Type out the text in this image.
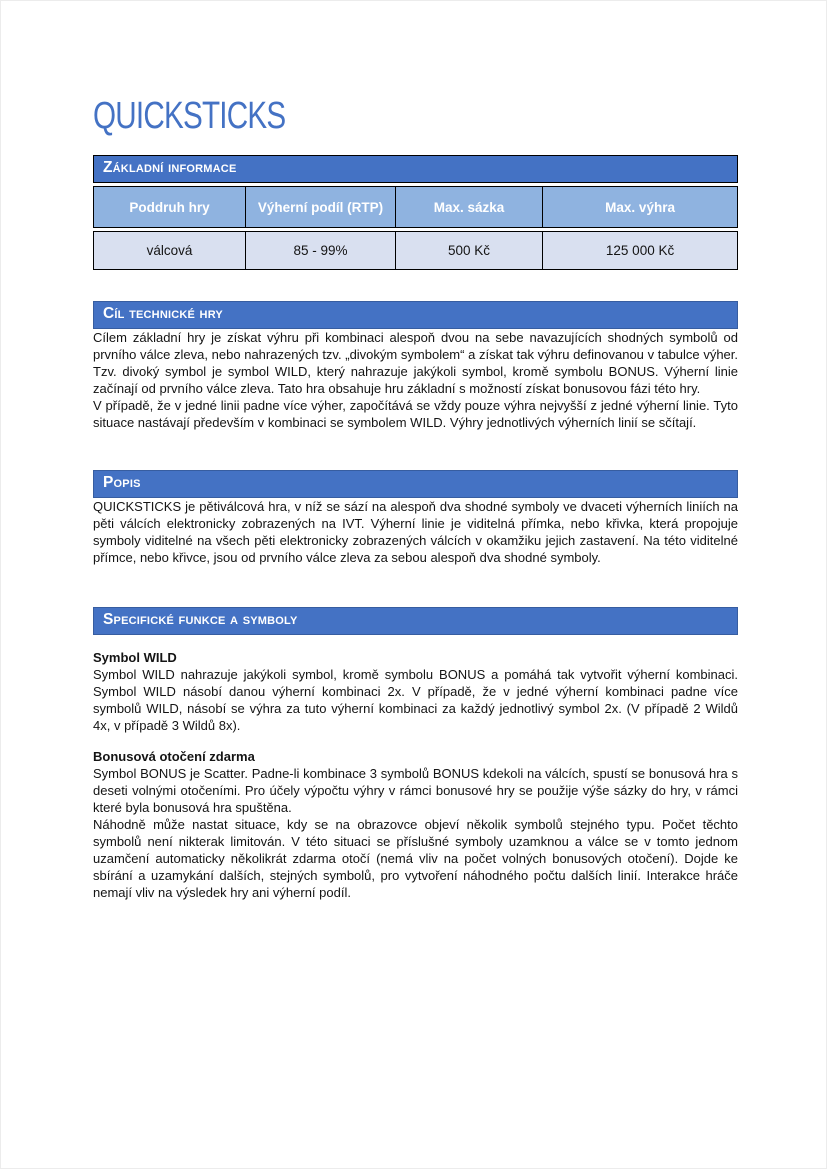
QUICKSTICKS
Základní informace
Poddruh hry	Výherní podíl (RTP)	Max. sázka	Max. výhra
válcová	85 - 99%	500 Kč	125 000 Kč
Cíl technické hry

Cílem základní hry je získat výhru při kombinaci alespoň dvou na sebe navazujících shodných symbolů od prvního válce zleva, nebo nahrazených tzv. „divokým symbolem“ a získat tak výhru definovanou v tabulce výher. Tzv. divoký symbol je symbol WILD, který nahrazuje jakýkoli symbol, kromě symbolu BONUS. Výherní linie začínají od prvního válce zleva. Tato hra obsahuje hru základní s možností získat bonusovou fázi této hry.

V případě, že v jedné linii padne více výher, započítává se vždy pouze výhra nejvyšší z jedné výherní linie. Tyto situace nastávají především v kombinaci se symbolem WILD. Výhry jednotlivých výherních linií se sčítají.

Popis

QUICKSTICKS je pětiválcová hra, v níž se sází na alespoň dva shodné symboly ve dvaceti výherních liniích na pěti válcích elektronicky zobrazených na IVT. Výherní linie je viditelná přímka, nebo křivka, která propojuje symboly viditelné na všech pěti elektronicky zobrazených válcích v okamžiku jejich zastavení. Na této viditelné přímce, nebo křivce, jsou od prvního válce zleva za sebou alespoň dva shodné symboly.

Specifické funkce a symboly
Symbol WILD

Symbol WILD nahrazuje jakýkoli symbol, kromě symbolu BONUS a pomáhá tak vytvořit výherní kombinaci. Symbol WILD násobí danou výherní kombinaci 2x. V případě, že v jedné výherní kombinaci padne více symbolů WILD, násobí se výhra za tuto výherní kombinaci za každý jednotlivý symbol 2x. (V případě 2 Wildů 4x, v případě 3 Wildů 8x).

Bonusová otočení zdarma

Symbol BONUS je Scatter. Padne-li kombinace 3 symbolů BONUS kdekoli na válcích, spustí se bonusová hra s deseti volnými otočeními. Pro účely výpočtu výhry v rámci bonusové hry se použije výše sázky do hry, v rámci které byla bonusová hra spuštěna.

Náhodně může nastat situace, kdy se na obrazovce objeví několik symbolů stejného typu. Počet těchto symbolů není nikterak limitován. V této situaci se příslušné symboly uzamknou a válce se v tomto jednom uzamčení automaticky několikrát zdarma otočí (nemá vliv na počet volných bonusových otočení). Dojde ke sbírání a uzamykání dalších, stejných symbolů, pro vytvoření náhodného počtu dalších linií. Interakce hráče nemají vliv na výsledek hry ani výherní podíl.
